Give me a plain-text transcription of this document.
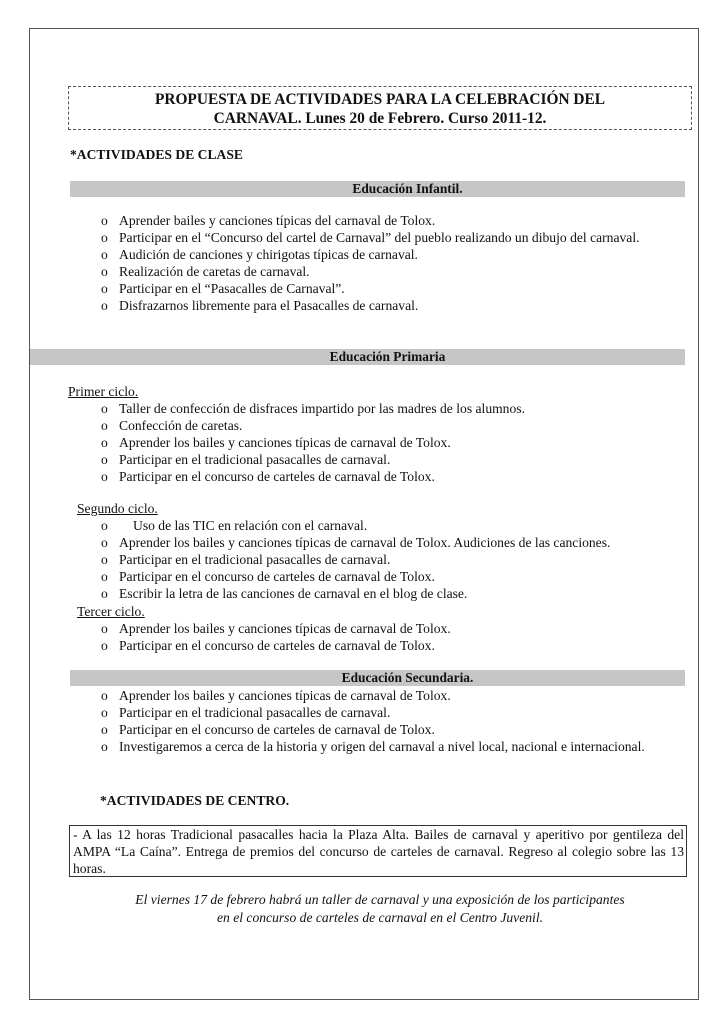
PROPUESTA DE ACTIVIDADES PARA LA CELEBRACIÓN DEL
CARNAVAL. Lunes 20 de Febrero. Curso 2011-12.
*ACTIVIDADES DE CLASE
Educación Infantil.
o Aprender bailes y canciones típicas del carnaval de Tolox.
o Participar en el “Concurso del cartel de Carnaval” del pueblo realizando un dibujo del carnaval.
o Audición de canciones y chirigotas típicas de carnaval.
o Realización de caretas de carnaval.
o Participar en el “Pasacalles de Carnaval”.
o Disfrazarnos libremente para el Pasacalles de carnaval.
Educación Primaria
Primer ciclo.
o Taller de confección de disfraces impartido por las madres de los alumnos.
o Confección de caretas.
o Aprender los bailes y canciones típicas de carnaval de Tolox.
o Participar en el tradicional pasacalles de carnaval.
o Participar en el concurso de carteles de carnaval de Tolox.
Segundo ciclo.
o Uso de las TIC en relación con el carnaval.
o Aprender los bailes y canciones típicas de carnaval de Tolox. Audiciones de las canciones.
o Participar en el tradicional pasacalles de carnaval.
o Participar en el concurso de carteles de carnaval de Tolox.
o Escribir la letra de las canciones de carnaval en el blog de clase.
Tercer ciclo.
o Aprender los bailes y canciones típicas de carnaval de Tolox.
o Participar en el concurso de carteles de carnaval de Tolox.
Educación Secundaria.
o Aprender los bailes y canciones típicas de carnaval de Tolox.
o Participar en el tradicional pasacalles de carnaval.
o Participar en el concurso de carteles de carnaval de Tolox.
o Investigaremos a cerca de la historia y origen del carnaval a nivel local, nacional e internacional.
*ACTIVIDADES DE CENTRO.
- A las 12 horas Tradicional pasacalles hacia la Plaza Alta. Bailes de carnaval y aperitivo por gentileza del AMPA “La Caína”. Entrega de premios del concurso de carteles de carnaval. Regreso al colegio sobre las 13 horas.
El viernes 17 de febrero habrá un taller de carnaval y una exposición de los participantes
en el concurso de carteles de carnaval en el Centro Juvenil.
